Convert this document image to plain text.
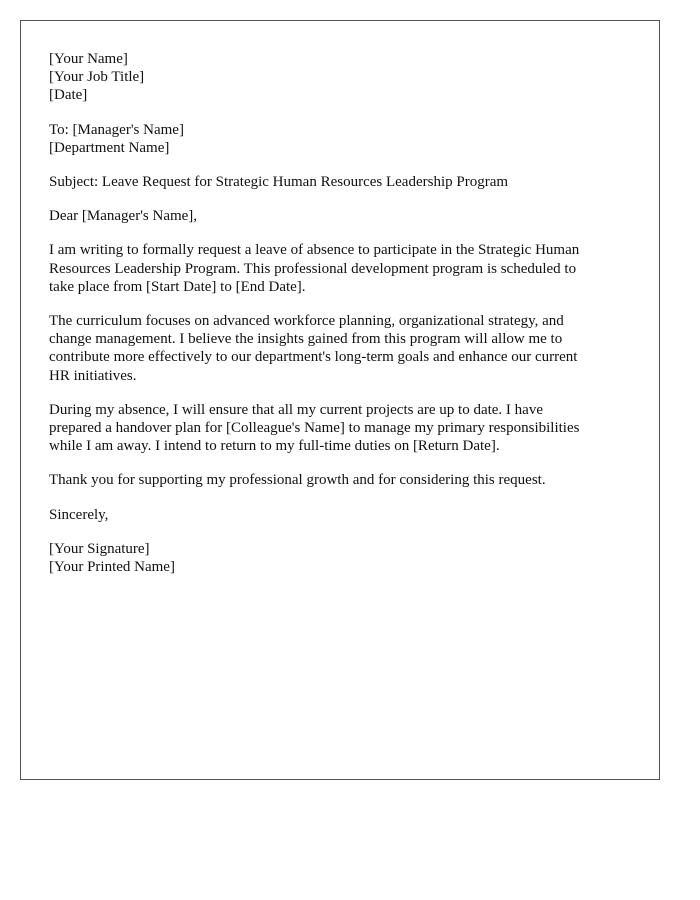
[Your Name]
[Your Job Title]
[Date]
To: [Manager's Name]
[Department Name]
Subject: Leave Request for Strategic Human Resources Leadership Program
Dear [Manager's Name],

I am writing to formally request a leave of absence to participate in the Strategic Human
Resources Leadership Program. This professional development program is scheduled to
take place from [Start Date] to [End Date].

The curriculum focuses on advanced workforce planning, organizational strategy, and
change management. I believe the insights gained from this program will allow me to
contribute more effectively to our department's long-term goals and enhance our current
HR initiatives.

During my absence, I will ensure that all my current projects are up to date. I have
prepared a handover plan for [Colleague's Name] to manage my primary responsibilities
while I am away. I intend to return to my full-time duties on [Return Date].

Thank you for supporting my professional growth and for considering this request.

Sincerely,
[Your Signature]
[Your Printed Name]
